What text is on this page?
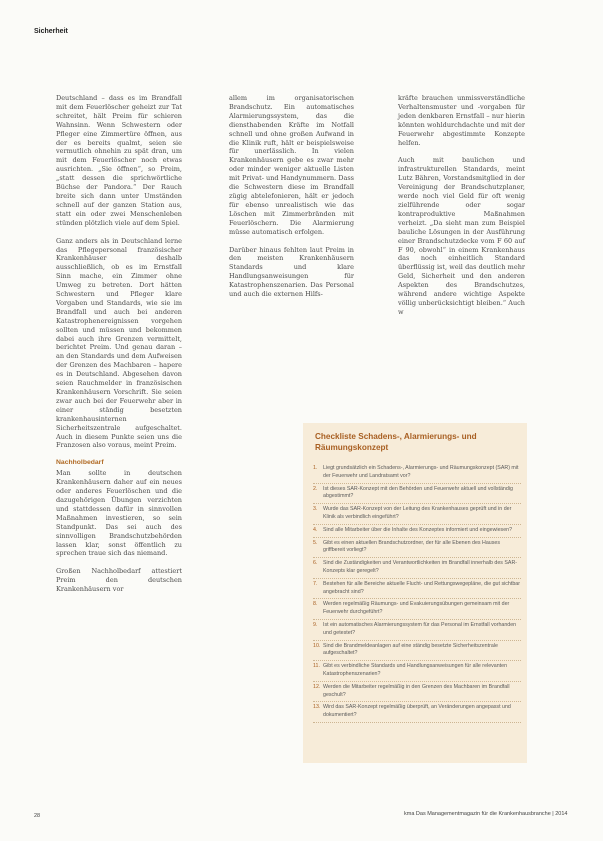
Sicherheit

Deutschland – dass es im Brandfall mit dem Feuerlöscher geheizt zur Tat schreitet, hält Preim für schieren Wahnsinn. Wenn Schwestern oder Pfleger eine Zimmertüre öffnen, aus der es bereits qualmt, seien sie vermutlich ohnehin zu spät dran, um mit dem Feuerlöscher noch etwas ausrichten. „Sie öffnen“, so Preim, „statt dessen die sprichwörtliche Büchse der Pandora.“ Der Rauch breite sich dann unter Umständen schnell auf der ganzen Station aus, statt ein oder zwei Menschenleben stünden plötzlich viele auf dem Spiel.

Ganz anders als in Deutschland lerne das Pflegepersonal französischer Krankenhäuser deshalb ausschließlich, ob es im Ernstfall Sinn mache, ein Zimmer ohne Umweg zu betreten. Dort hätten Schwestern und Pfleger klare Vorgaben und Standards, wie sie im Brandfall und auch bei anderen Katastrophenereignissen vorgehen sollten und müssen und bekommen dabei auch ihre Grenzen vermittelt, berichtet Preim. Und genau daran – an den Standards und dem Aufweisen der Grenzen des Machbaren – hapere es in Deutschland. Abgesehen davon seien Rauchmelder in französischen Krankenhäusern Vorschrift. Sie seien zwar auch bei der Feuerwehr aber in einer ständig besetzten krankenhausinternen Sicherheitszentrale aufgeschaltet. Auch in diesem Punkte seien uns die Franzosen also voraus, meint Preim.

Nachholbedarf

Man sollte in deutschen Krankenhäusern daher auf ein neues oder anderes Feuerlöschen und die dazugehörigen Übungen verzichten und stattdessen dafür in sinnvollen Maßnahmen investieren, so sein Standpunkt. Das sei auch des sinnvolligen Brandschutzbehörden lassen klar, sonst öffentlich zu sprechen traue sich das niemand.

Großen Nachholbedarf attestiert Preim den deutschen Krankenhäusern vor

allem im organisatorischen Brandschutz. Ein automatisches Alarmierungssystem, das die diensthabenden Kräfte im Notfall schnell und ohne großen Aufwand in die Klinik ruft, hält er beispielsweise für unerlässlich. In vielen Krankenhäusern gebe es zwar mehr oder minder weniger aktuelle Listen mit Privat- und Handynummern. Dass die Schwestern diese im Brandfall zügig abtelefonieren, hält er jedoch für ebenso unrealistisch wie das Löschen mit Zimmerbränden mit Feuerlöschern. Die Alarmierung müsse automatisch erfolgen.

Darüber hinaus fehlten laut Preim in den meisten Krankenhäusern Standards und klare Handlungsanweisungen für Katastrophenszenarien. Das Personal und auch die externen Hilfs-

kräfte brauchen unmissverständliche Verhaltensmuster und -vorgaben für jeden denkbaren Ernstfall – nur hierin könnten wohldurchdachte und mit der Feuerwehr abgestimmte Konzepte helfen.

Auch mit baulichen und infrastrukturellen Standards, meint Lutz Bähren, Vorstandsmitglied in der Vereinigung der Brandschutzplaner, werde noch viel Geld für oft wenig zielführende oder sogar kontraproduktive Maßnahmen verheizt. „Da sieht man zum Beispiel bauliche Lösungen in der Ausführung einer Brandschutzdecke vom F 60 auf F 90, obwohl“ in einem Krankenhaus das noch einheitlich Standard überflüssig ist, weil das deutlich mehr Geld, Sicherheit und den anderen Aspekten des Brandschutzes, während andere wichtige Aspekte völlig unberücksichtigt bleiben.“ Auch w

Checkliste Schadens-, Alarmierungs- und Räumungskonzept
1. Liegt grundsätzlich ein Schadens-, Alarmierungs- und Räumungskonzept (SAR) mit der Feuerwehr und Landratsamt vor?
2. Ist dieses SAR-Konzept mit den Behörden und Feuerwehr aktuell und vollständig abgestimmt?
3. Wurde das SAR-Konzept von der Leitung des Krankenhauses geprüft und in der Klinik als verbindlich eingeführt?
4. Sind alle Mitarbeiter über die Inhalte des Konzeptes informiert und eingewiesen?
5. Gibt es einen aktuellen Brandschutzordner, der für alle Ebenen des Hauses griffbereit vorliegt?
6. Sind die Zuständigkeiten und Verantwortlichkeiten im Brandfall innerhalb des SAR-Konzepts klar geregelt?
7. Bestehen für alle Bereiche aktuelle Flucht- und Rettungswegepläne, die gut sichtbar angebracht sind?
8. Werden regelmäßig Räumungs- und Evakuierungsübungen gemeinsam mit der Feuerwehr durchgeführt?
9. Ist ein automatisches Alarmierungssystem für das Personal im Ernstfall vorhanden und getestet?
10. Sind die Brandmeldeanlagen auf eine ständig besetzte Sicherheitszentrale aufgeschaltet?
11. Gibt es verbindliche Standards und Handlungsanweisungen für alle relevanten Katastrophenszenarien?
12. Werden die Mitarbeiter regelmäßig in den Grenzen des Machbaren im Brandfall geschult?
13. Wird das SAR-Konzept regelmäßig überprüft, an Veränderungen angepasst und dokumentiert?
28	kma Das Managementmagazin für die Krankenhausbranche | 2014
